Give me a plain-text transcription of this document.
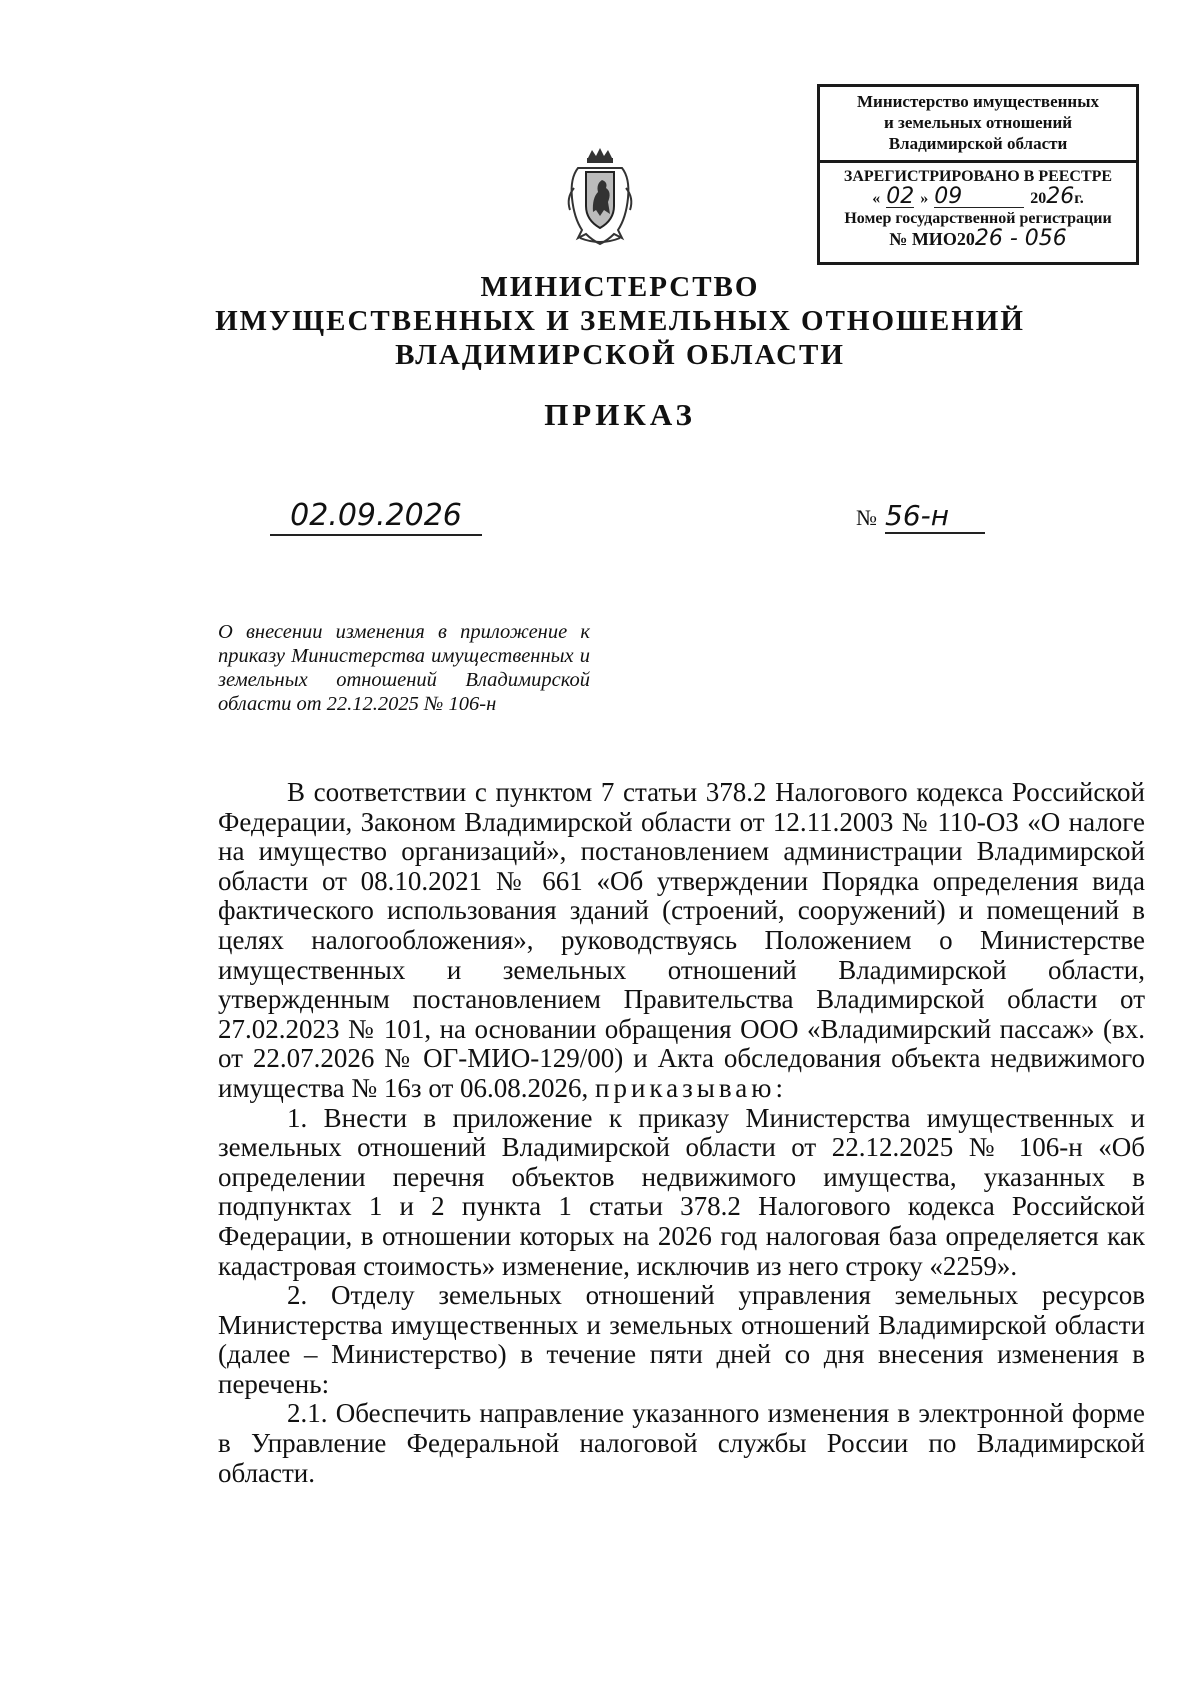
Министерство имущественных
и земельных отношений
Владимирской области
ЗАРЕГИСТРИРОВАНО В РЕЕСТРЕ
« 02 » 09	2026г.
Номер государственной регистрации
№ МИО2026 - 056
МИНИСТЕРСТВО
ИМУЩЕСТВЕННЫХ И ЗЕМЕЛЬНЫХ ОТНОШЕНИЙ
ВЛАДИМИРСКОЙ ОБЛАСТИ
ПРИКАЗ
02.09.2026	№ 56-н
О внесении изменения в приложение к приказу Министерства имущественных и земельных отношений Владимирской области от 22.12.2025 № 106-н

В соответствии с пунктом 7 статьи 378.2 Налогового кодекса Российской Федерации, Законом Владимирской области от 12.11.2003 № 110-ОЗ «О налоге на имущество организаций», постановлением администрации Владимирской области от 08.10.2021 № 661 «Об утверждении Порядка определения вида фактического использования зданий (строений, сооружений) и помещений в целях налогообложения», руководствуясь Положением о Министерстве имущественных и земельных отношений Владимирской области, утвержденным постановлением Правительства Владимирской области от 27.02.2023 № 101, на основании обращения ООО «Владимирский пассаж» (вх. от 22.07.2026 № ОГ-МИО-129/00) и Акта обследования объекта недвижимого имущества № 16з от 06.08.2026, приказываю:

1. Внести в приложение к приказу Министерства имущественных и земельных отношений Владимирской области от 22.12.2025 № 106-н «Об определении перечня объектов недвижимого имущества, указанных в подпунктах 1 и 2 пункта 1 статьи 378.2 Налогового кодекса Российской Федерации, в отношении которых на 2026 год налоговая база определяется как кадастровая стоимость» изменение, исключив из него строку «2259».

2. Отделу земельных отношений управления земельных ресурсов Министерства имущественных и земельных отношений Владимирской области (далее – Министерство) в течение пяти дней со дня внесения изменения в перечень:

2.1. Обеспечить направление указанного изменения в электронной форме в Управление Федеральной налоговой службы России по Владимирской области.
